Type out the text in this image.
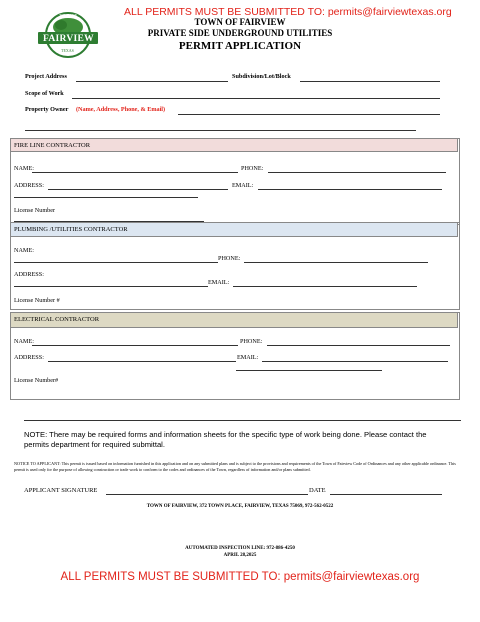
ALL PERMITS MUST BE SUBMITTED TO: permits@fairviewtexas.org
FAIRVIEW
TOWN OF
TEXAS
TOWN OF FAIRVIEW
PRIVATE SIDE UNDERGROUND UTILITIES
PERMIT APPLICATION
Project Address	Subdivision/Lot/Block
Scope of Work
Property Owner (Name, Address, Phone, & Email)
FIRE LINE CONTRACTOR
NAME:	PHONE:
ADDRESS:	EMAIL:
License Number
PLUMBING /UTILITIES CONTRACTOR
NAME:
PHONE:
ADDRESS:
EMAIL:
License Number #
ELECTRICAL CONTRACTOR
NAME:	PHONE:
ADDRESS:	EMAIL:
License Number#
NOTE: There may be required forms and information sheets for the specific type of work being done. Please contact the permits department for required submittal.
NOTICE TO APPLICANT: This permit is issued based on information furnished in this application and on any submitted plans and is subject to the provisions and requirements of the Town of Fairview Code of Ordinances and any other applicable ordinance. This permit is used only for the purpose of allowing construction or trade work to conform to the codes and ordinances of the Town, regardless of information and/or plans submitted.
APPLICANT SIGNATURE	DATE
TOWN OF FAIRVIEW, 372 TOWN PLACE, FAIRVIEW, TEXAS 75069, 972-562-0522
AUTOMATED INSPECTION LINE: 972-886-4250
APRIL 28,2025
ALL PERMITS MUST BE SUBMITTED TO: permits@fairviewtexas.org
